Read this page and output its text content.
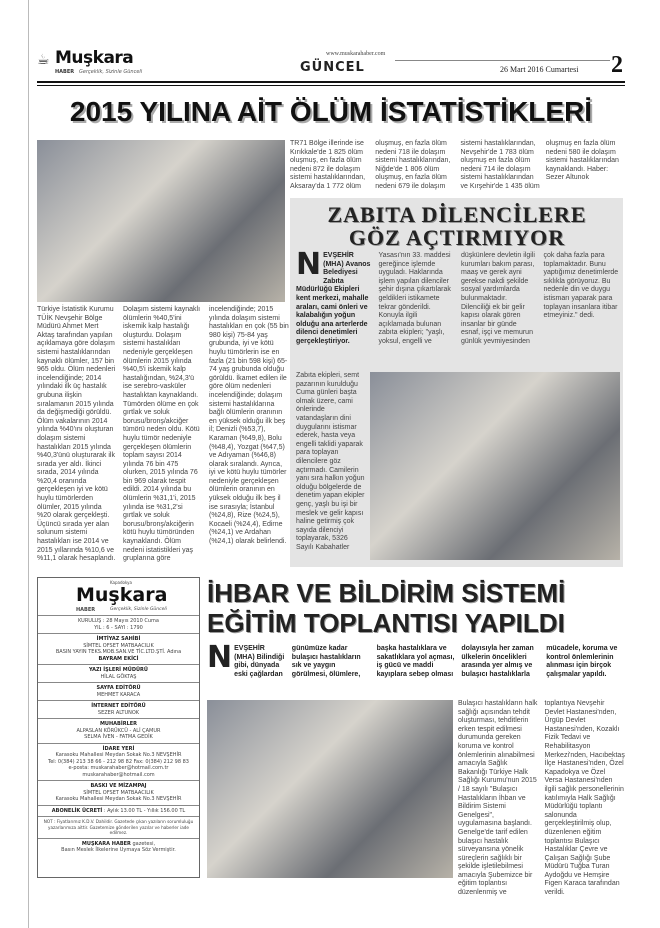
☕ Muşkara
HABER Gerçeklik, Sizinle Günceli
www.muskarahaber.com
GÜNCEL	26 Mart 2016 Cumartesi 2
2015 YILINA AİT ÖLÜM İSTATİSTİKLERİ
TR71 Bölge illerinde ise Kırıkkale'de 1 825 ölüm oluşmuş, en fazla ölüm nedeni 872 ile dolaşım sistemi hastalıklarından, Aksaray'da 1 772 ölüm oluşmuş, en fazla ölüm nedeni 718 ile dolaşım sistemi hastalıklarından, Niğde'de 1 806 ölüm oluşmuş, en fazla ölüm nedeni 679 ile dolaşım sistemi hastalıklarından, Nevşehir'de 1 783 ölüm oluşmuş en fazla ölüm nedeni 714 ile dolaşım sistemi hastalıklarından ve Kırşehir'de 1 435 ölüm oluşmuş en fazla ölüm nedeni 580 ile dolaşım sistemi hastalıklarından kaynaklandı. Haber: Sezer Altunok
Türkiye İstatistik Kurumu TÜİK Nevşehir Bölge Müdürü Ahmet Mert Aktaş tarafından yapılan açıklamaya göre dolaşım sistemi hastalıklarından kaynaklı ölümler, 157 bin 965 oldu. Ölüm nedenleri incelendiğinde; 2014 yılındaki ilk üç hastalık grubuna ilişkin sıralamanın 2015 yılında da değişmediği görüldü. Ölüm vakalarının 2014 yılında %40'ını oluşturan dolaşım sistemi hastalıkları 2015 yılında %40,3'ünü oluşturarak ilk sırada yer aldı. İkinci sırada, 2014 yılında %20,4 oranında gerçekleşen iyi ve kötü huylu tümörlerden ölümler, 2015 yılında %20 olarak gerçekleşti. Üçüncü sırada yer alan solunum sistemi hastalıkları ise 2014 ve 2015 yıllarında %10,6 ve %11,1 olarak hesaplandı. Dolaşım sistemi kaynaklı ölümlerin %40,5'ini iskemik kalp hastalığı oluşturdu. Dolaşım sistemi hastalıkları nedeniyle gerçekleşen ölümlerin 2015 yılında %40,5'i iskemik kalp hastalığından, %24,3'ü ise serebro-vasküler hastalıktan kaynaklandı. Tümörden ölüme en çok gırtlak ve soluk borusu/bronş/akciğer tümörü neden oldu. Kötü huylu tümör nedeniyle gerçekleşen ölümlerin toplam sayısı 2014 yılında 76 bin 475 olurken, 2015 yılında 76 bin 969 olarak tespit edildi. 2014 yılında bu ölümlerin %31,1'i, 2015 yılında ise %31,2'si gırtlak ve soluk borusu/bronş/akciğerin kötü huylu tümöründen kaynaklandı. Ölüm nedeni istatistikleri yaş gruplarına göre incelendiğinde; 2015 yılında dolaşım sistemi hastalıkları en çok (55 bin 980 kişi) 75-84 yaş grubunda, iyi ve kötü huylu tümörlerin ise en fazla (21 bin 598 kişi) 65-74 yaş grubunda olduğu görüldü. İkamet edilen ile göre ölüm nedenleri incelendiğinde; dolaşım sistemi hastalıklarına bağlı ölümlerin oranının en yüksek olduğu ilk beş il; Denizli (%53,7), Karaman (%49,8), Bolu (%48,4), Yozgat (%47,5) ve Adıyaman (%46,8) olarak sıralandı. Ayrıca, iyi ve kötü huylu tümörler nedeniyle gerçekleşen ölümlerin oranının en yüksek olduğu ilk beş il ise sırasıyla; İstanbul (%24,8), Rize (%24,5), Kocaeli (%24,4), Edirne (%24,1) ve Ardahan (%24,1) olarak belirlendi.
ZABITA DİLENCİLERE
GÖZ AÇTIRMIYOR
NEVŞEHİR (MHA) Avanos Belediyesi Zabıta Müdürlüğü Ekipleri kent merkezi, mahalle araları, cami önleri ve kalabalığın yoğun olduğu ana arterlerde dilenci denetimleri gerçekleştiriyor. Yasası'nın 33. maddesi gereğince işlemde uyguladı. Haklarında işlem yapılan dilenciler şehir dışına çıkartılarak geldikleri istikamete tekrar gönderildi. Konuyla ilgili açıklamada bulunan zabıta ekipleri; "yaşlı, yoksul, engelli ve düşkünlere devletin ilgili kurumları bakım parası, maaş ve gerek ayni gerekse nakdi şekilde sosyal yardımlarda bulunmaktadır. Dilenciliği ek bir gelir kapısı olarak gören insanlar bir günde esnaf, işçi ve memurun günlük yevmiyesinden çok daha fazla para toplamaktadır. Bunu yaptığımız denetimlerde sıklıkla görüyoruz. Bu nedenle din ve duygu istismarı yaparak para toplayan insanlara itibar etmeyiniz." dedi.
Zabıta ekipleri, semt pazarının kurulduğu Cuma günleri başta olmak üzere, cami önlerinde vatandaşların dini duygularını istismar ederek, hasta veya engelli taklidi yaparak para toplayan dilencilere göz açtırmadı. Camilerin yanı sıra halkın yoğun olduğu bölgelerde de denetim yapan ekipler genç, yaşlı bu işi bir meslek ve gelir kapısı haline getirmiş çok sayıda dilenciyi toplayarak, 5326 Sayılı Kabahatler
Kapadokya
Muşkara
HABER	Gerçeklik, Sizinle Günceli
KURULUŞ : 28 Mayıs 2010 Cuma
YIL : 6 - SAYI : 1790
İMTİYAZ SAHİBİ
SİMTEL OFSET MATBAACILIK
BASIN YAYIN TEKS.MOB.SAN.VE TİC.LTD.ŞTİ. Adına
BAYRAM EKİCİ
YAZI İŞLERİ MÜDÜRÜ
HİLAL GÖKTAŞ
SAYFA EDİTÖRÜ
MEHMET KARACA
İNTERNET EDİTÖRÜ
SEZER ALTUNOK
MUHABİRLER
ALPASLAN KÖRÜKCÜ - ALİ ÇAMUR
SELMA İVEN - FATMA GEDİK
İDARE YERİ
Karasoku Mahallesi Meydan Sokak No.3 NEVŞEHİR
Tel: 0(384) 213 38 66 - 212 98 82 Fax: 0(384) 212 98 83
e-posta: muskarahaber@hotmail.com.tr
muskarahaber@hotmail.com
BASKI VE MİZAMPAJ
SİMTEL OFSET MATBAACILIK
Karasoku Mahallesi Meydan Sokak No.3 NEVŞEHİR
ABONELİK ÜCRETİ : Aylık 13.00 TL - Yıllık 156.00 TL
NOT : Fiyatlarımız K.D.V. Dahildir. Gazetede çıkan yazıların sorumluluğu yazarlarımıza aittir. Gazetemize gönderilen yazılar ve haberler iade edilmez.
MUŞKARA HABER gazetesi,
Basın Meslek İlkelerine Uymaya Söz Vermiştir.
İHBAR VE BİLDİRİM SİSTEMİ
EĞİTİM TOPLANTISI YAPILDI
NEVŞEHİR (MHA) Bilindiği gibi, dünyada eski çağlardan günümüze kadar bulaşıcı hastalıkların sık ve yaygın görülmesi, ölümlere, başka hastalıklara ve sakatlıklara yol açması, iş gücü ve maddi kayıplara sebep olması dolayısıyla her zaman ülkelerin öncelikleri arasında yer almış ve bulaşıcı hastalıklarla mücadele, koruma ve kontrol önlemlerinin alınması için birçok çalışmalar yapıldı.
Bulaşıcı hastalıkların halk sağlığı açısından tehdit oluşturması, tehditlerin erken tespit edilmesi durumunda gereken koruma ve kontrol önlemlerinin alınabilmesi amacıyla Sağlık Bakanlığı Türkiye Halk Sağlığı Kurumu'nun 2015 / 18 sayılı "Bulaşıcı Hastalıkların İhban ve Bildirim Sistemi Genelgesi", uygulamasına başlandı. Genelge'de tarif edilen bulaşıcı hastalık sürveyansına yönelik süreçlerin sağlıklı bir şekilde işletilebilmesi amacıyla Şubemizce bir eğitim toplantısı düzenlenmiş ve toplantıya Nevşehir Devlet Hastanesi'nden, Ürgüp Devlet Hastanesi'nden, Kozaklı Fizik Tedavi ve Rehabilitasyon Merkezi'nden, Hacıbektaş İlçe Hastanesi'nden, Özel Kapadokya ve Özel Versa Hastanesi'nden ilgili sağlık personellerinin katılımıyla Halk Sağlığı Müdürlüğü toplantı salonunda gerçekleştirilmiş olup, düzenlenen eğitim toplantısı Bulaşıcı Hastalıklar Çevre ve Çalışan Sağlığı Şube Müdürü Tuğba Turan Aydoğdu ve Hemşire Figen Karaca tarafından verildi.
